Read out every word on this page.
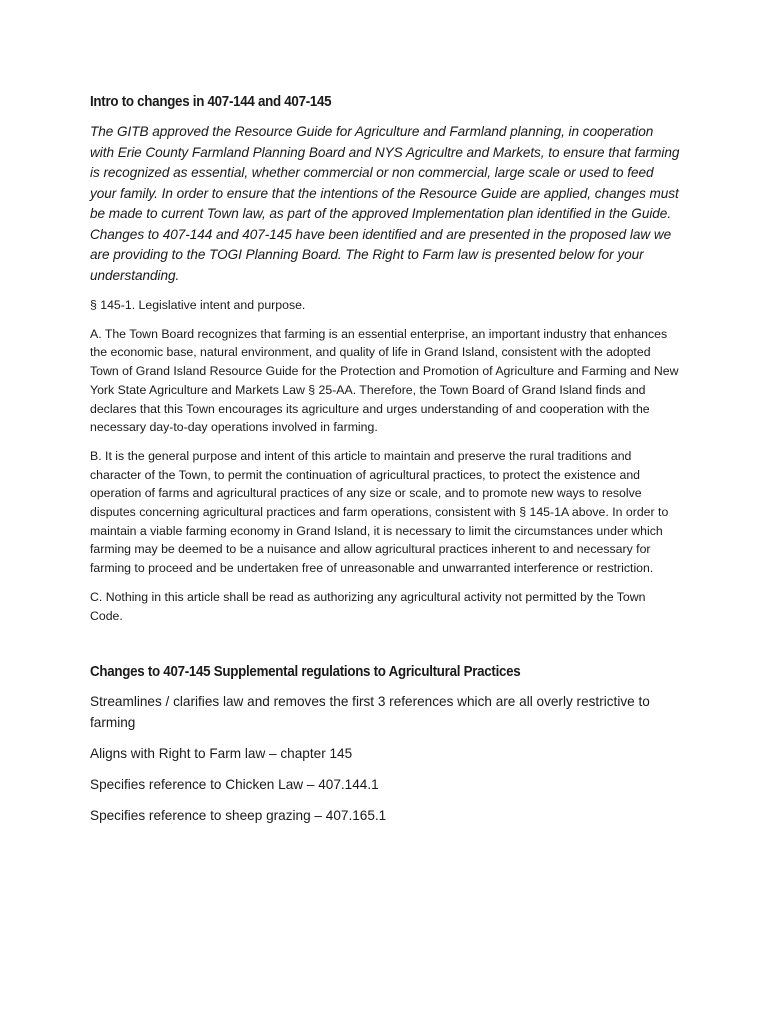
Intro to changes in 407-144 and 407-145

The GITB approved the Resource Guide for Agriculture and Farmland planning, in cooperation with Erie County Farmland Planning Board and NYS Agricultre and Markets, to ensure that farming is recognized as essential, whether commercial or non commercial, large scale or used to feed your family. In order to ensure that the intentions of the Resource Guide are applied, changes must be made to current Town law, as part of the approved Implementation plan identified in the Guide. Changes to 407-144 and 407-145 have been identified and are presented in the proposed law we are providing to the TOGI Planning Board. The Right to Farm law is presented below for your understanding.

§ 145-1. Legislative intent and purpose.

A. The Town Board recognizes that farming is an essential enterprise, an important industry that enhances the economic base, natural environment, and quality of life in Grand Island, consistent with the adopted Town of Grand Island Resource Guide for the Protection and Promotion of Agriculture and Farming and New York State Agriculture and Markets Law § 25-AA. Therefore, the Town Board of Grand Island finds and declares that this Town encourages its agriculture and urges understanding of and cooperation with the necessary day-to-day operations involved in farming.

B. It is the general purpose and intent of this article to maintain and preserve the rural traditions and character of the Town, to permit the continuation of agricultural practices, to protect the existence and operation of farms and agricultural practices of any size or scale, and to promote new ways to resolve disputes concerning agricultural practices and farm operations, consistent with § 145-1A above. In order to maintain a viable farming economy in Grand Island, it is necessary to limit the circumstances under which farming may be deemed to be a nuisance and allow agricultural practices inherent to and necessary for farming to proceed and be undertaken free of unreasonable and unwarranted interference or restriction.

C. Nothing in this article shall be read as authorizing any agricultural activity not permitted by the Town Code.

Changes to 407-145 Supplemental regulations to Agricultural Practices

Streamlines / clarifies law and removes the first 3 references which are all overly restrictive to farming

Aligns with Right to Farm law – chapter 145

Specifies reference to Chicken Law – 407.144.1

Specifies reference to sheep grazing – 407.165.1
